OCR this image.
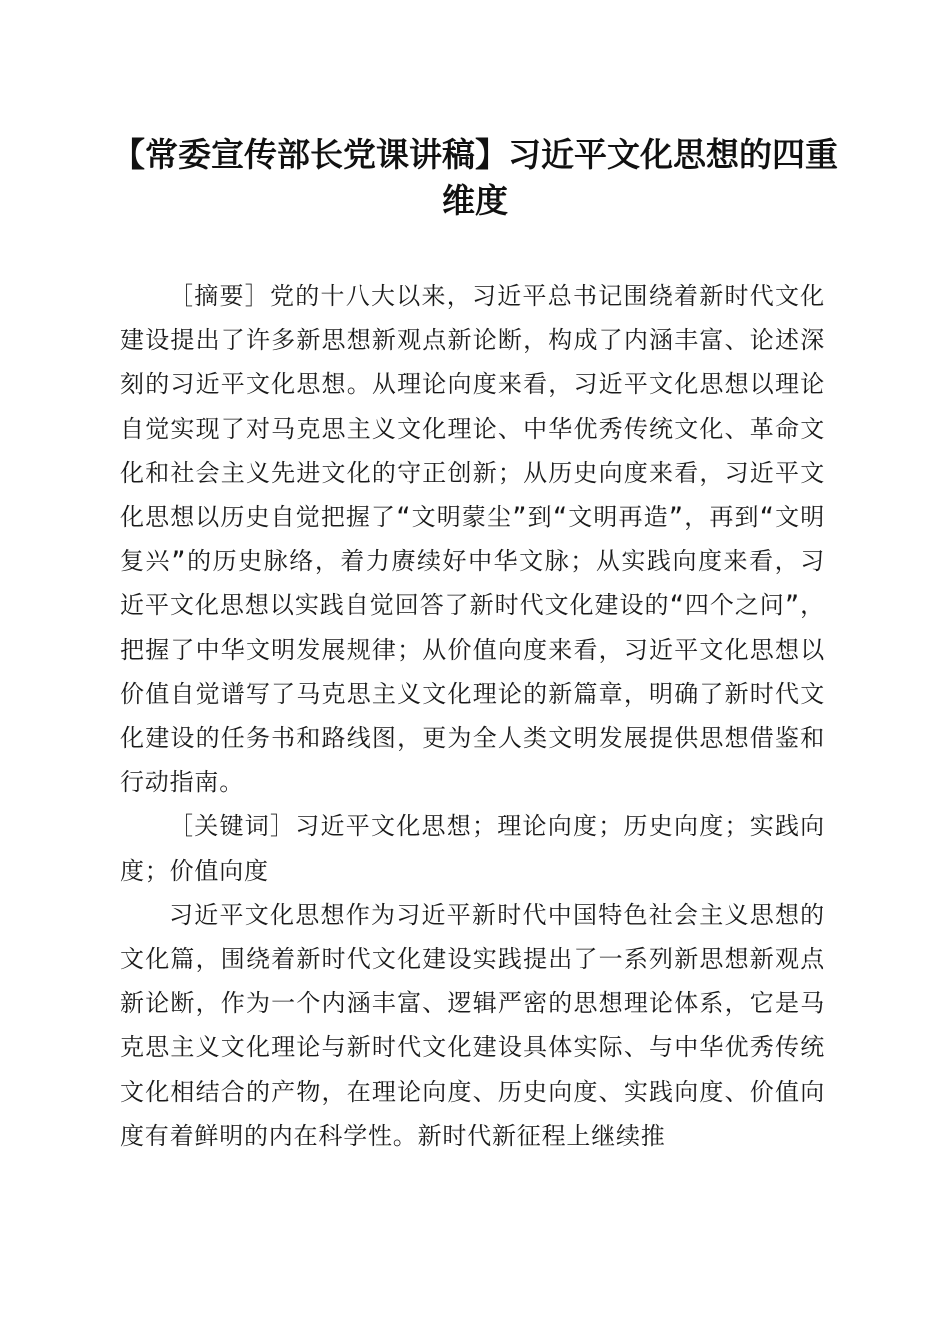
【常委宣传部长党课讲稿】习近平文化思想的四重维度

［摘要］党的十八大以来，习近平总书记围绕着新时代文化建设提出了许多新思想新观点新论断，构成了内涵丰富、论述深刻的习近平文化思想。从理论向度来看，习近平文化思想以理论自觉实现了对马克思主义文化理论、中华优秀传统文化、革命文化和社会主义先进文化的守正创新；从历史向度来看，习近平文化思想以历史自觉把握了“文明蒙尘”到“文明再造”，再到“文明复兴”的历史脉络，着力赓续好中华文脉；从实践向度来看，习近平文化思想以实践自觉回答了新时代文化建设的“四个之问”，把握了中华文明发展规律；从价值向度来看，习近平文化思想以价值自觉谱写了马克思主义文化理论的新篇章，明确了新时代文化建设的任务书和路线图，更为全人类文明发展提供思想借鉴和行动指南。

［关键词］习近平文化思想；理论向度；历史向度；实践向度；价值向度

习近平文化思想作为习近平新时代中国特色社会主义思想的文化篇，围绕着新时代文化建设实践提出了一系列新思想新观点新论断，作为一个内涵丰富、逻辑严密的思想理论体系，它是马克思主义文化理论与新时代文化建设具体实际、与中华优秀传统文化相结合的产物，在理论向度、历史向度、实践向度、价值向度有着鲜明的内在科学性。新时代新征程上继续推
